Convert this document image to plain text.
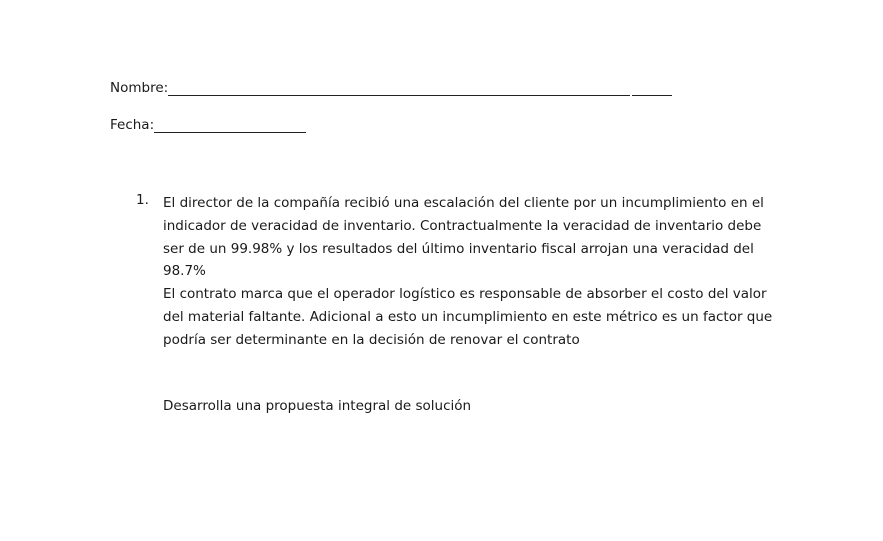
Nombre:
Fecha:
1.	El director de la compañía recibió una escalación del cliente por un incumplimiento en el
indicador de veracidad de inventario. Contractualmente la veracidad de inventario debe
ser de un 99.98% y los resultados del último inventario fiscal arrojan una veracidad del
98.7%
El contrato marca que el operador logístico es responsable de absorber el costo del valor
del material faltante. Adicional a esto un incumplimiento en este métrico es un factor que
podría ser determinante en la decisión de renovar el contrato
Desarrolla una propuesta integral de solución
